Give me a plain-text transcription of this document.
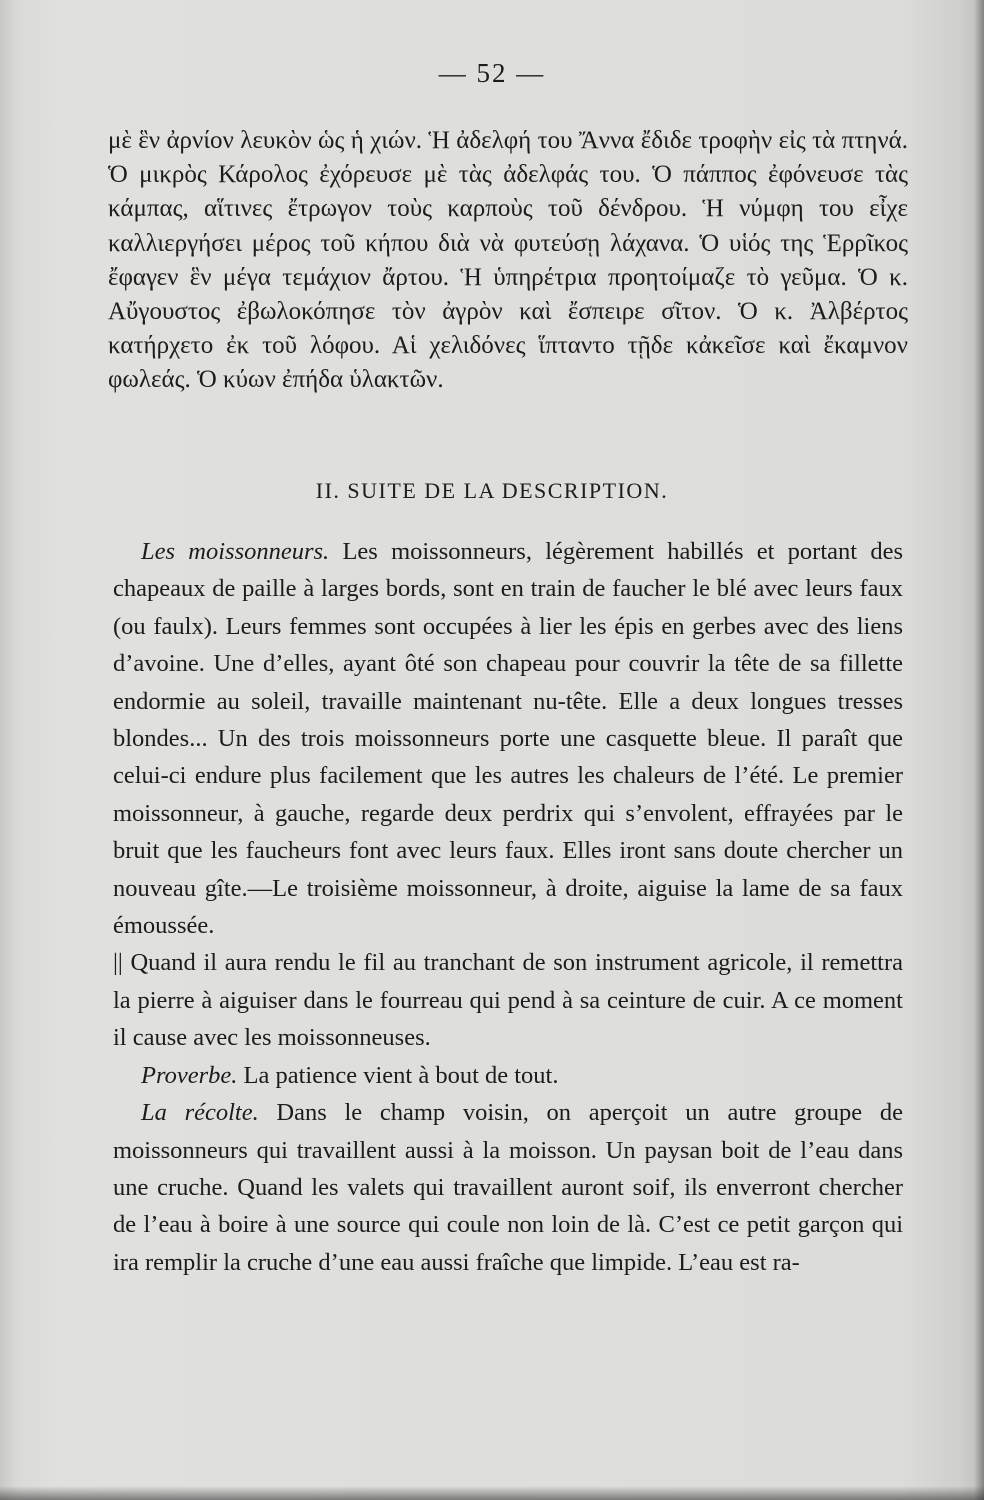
— 52 —

μὲ ἓν ἀρνίον λευκὸν ὡς ἡ χιών. Ἡ ἀδελφή του Ἄννα ἔδιδε τροφὴν εἰς τὰ πτηνά. Ὁ μικρὸς Κάρολος ἐχόρευσε μὲ τὰς ἀδελφάς του. Ὁ πάππος ἐφόνευσε τὰς κάμπας, αἵτινες ἔτρωγον τοὺς καρποὺς τοῦ δένδρου. Ἡ νύμφη του εἶχε καλλιεργήσει μέρος τοῦ κήπου διὰ νὰ φυτεύσῃ λάχανα. Ὁ υἱός της Ἑρρῖκος ἔφαγεν ἓν μέγα τεμάχιον ἄρτου. Ἡ ὑπηρέτρια προητοίμαζε τὸ γεῦμα. Ὁ κ. Αὔγουστος ἐβωλοκόπησε τὸν ἀγρὸν καὶ ἔσπειρε σῖτον. Ὁ κ. Ἀλβέρτος κατήρχετο ἐκ τοῦ λόφου. Αἱ χελιδόνες ἵπταντο τῇδε κἀκεῖσε καὶ ἔκαμνον φωλεάς. Ὁ κύων ἐπήδα ὑλακτῶν.

II. SUITE DE LA DESCRIPTION.

Les moissonneurs. Les moissonneurs, légèrement habillés et portant des chapeaux de paille à larges bords, sont en train de faucher le blé avec leurs faux (ou faulx). Leurs femmes sont occupées à lier les épis en gerbes avec des liens d’avoine. Une d’elles, ayant ôté son chapeau pour couvrir la tête de sa fillette endormie au soleil, travaille maintenant nu-tête. Elle a deux longues tresses blondes... Un des trois moissonneurs porte une casquette bleue. Il paraît que celui-ci endure plus facilement que les autres les chaleurs de l’été. Le premier moissonneur, à gauche, regarde deux perdrix qui s’envolent, effrayées par le bruit que les faucheurs font avec leurs faux. Elles iront sans doute chercher un nouveau gîte.—Le troisième moissonneur, à droite, aiguise la lame de sa faux émoussée.

|| Quand il aura rendu le fil au tranchant de son instrument agricole, il remettra la pierre à aiguiser dans le fourreau qui pend à sa ceinture de cuir. A ce moment il cause avec les moissonneuses.

Proverbe. La patience vient à bout de tout.

La récolte. Dans le champ voisin, on aperçoit un autre groupe de moissonneurs qui travaillent aussi à la moisson. Un paysan boit de l’eau dans une cruche. Quand les valets qui travaillent auront soif, ils enverront chercher de l’eau à boire à une source qui coule non loin de là. C’est ce petit garçon qui ira remplir la cruche d’une eau aussi fraîche que limpide. L’eau est ra-
